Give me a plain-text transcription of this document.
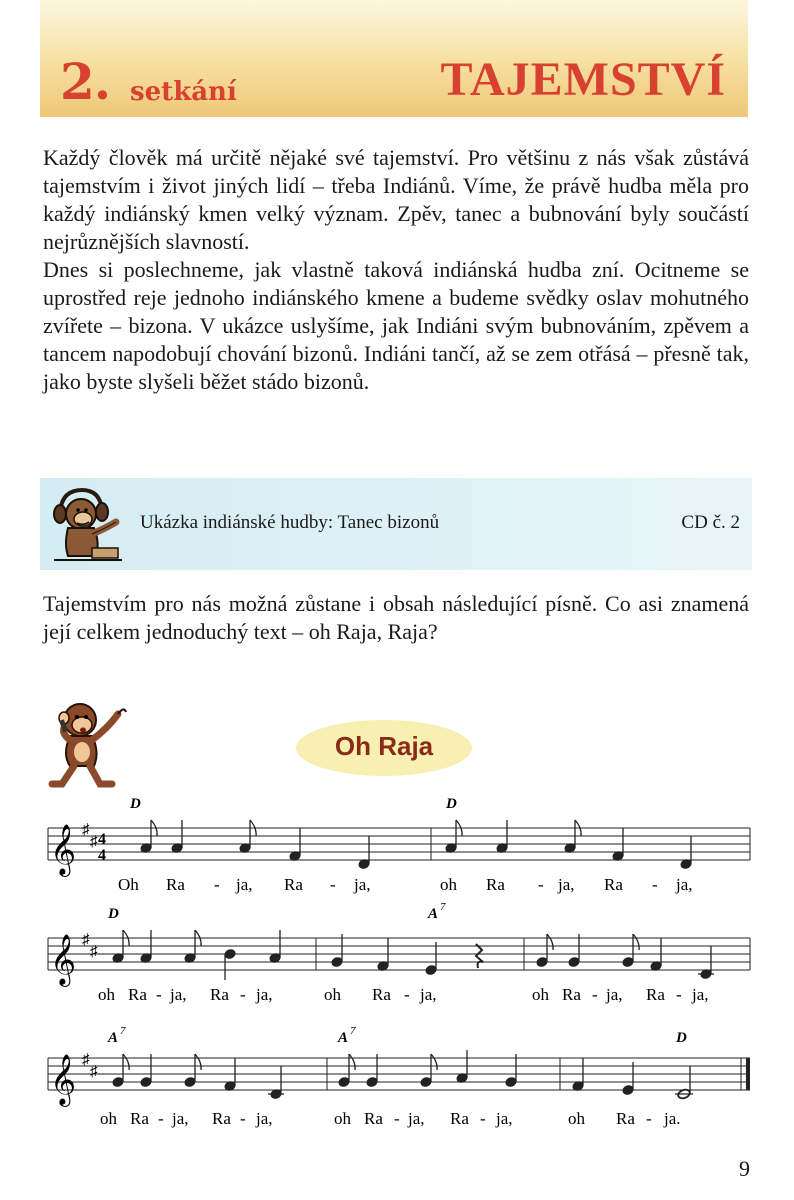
2. setkání	TAJEMSTVÍ

Každý člověk má určitě nějaké své tajemství. Pro většinu z nás však zůstává tajemstvím i život jiných lidí – třeba Indiánů. Víme, že právě hudba měla pro každý indiánský kmen velký význam. Zpěv, tanec a bubnování byly součástí nejrůznějších slavností.

Dnes si poslechneme, jak vlastně taková indiánská hudba zní. Ocitneme se uprostřed reje jednoho indiánského kmene a budeme svědky oslav mohutného zvířete – bizona. V ukázce uslyšíme, jak Indiáni svým bubnováním, zpěvem a tancem napodobují chování bizonů. Indiáni tančí, až se zem otřásá – přesně tak, jako byste slyšeli běžet stádo bizonů.

Ukázka indiánské hudby: Tanec bizonů	CD č. 2

Tajemstvím pro nás možná zůstane i obsah následující písně. Co asi znamená její celkem jednoduchý text – oh Raja, Raja?

Oh Raja
𝄞 ♯
♯ 4
4
D	D
Oh Ra - ja, Ra - ja,	oh Ra - ja, Ra - ja,
𝄞 ♯
♯
D	A 7
oh Ra - ja, Ra - ja,	oh Ra - ja,	oh Ra - ja, Ra - ja,
𝄞 ♯
♯
A 7	A 7	D
oh Ra - ja, Ra - ja,	oh Ra - ja, Ra - ja,	oh Ra - ja.
9
